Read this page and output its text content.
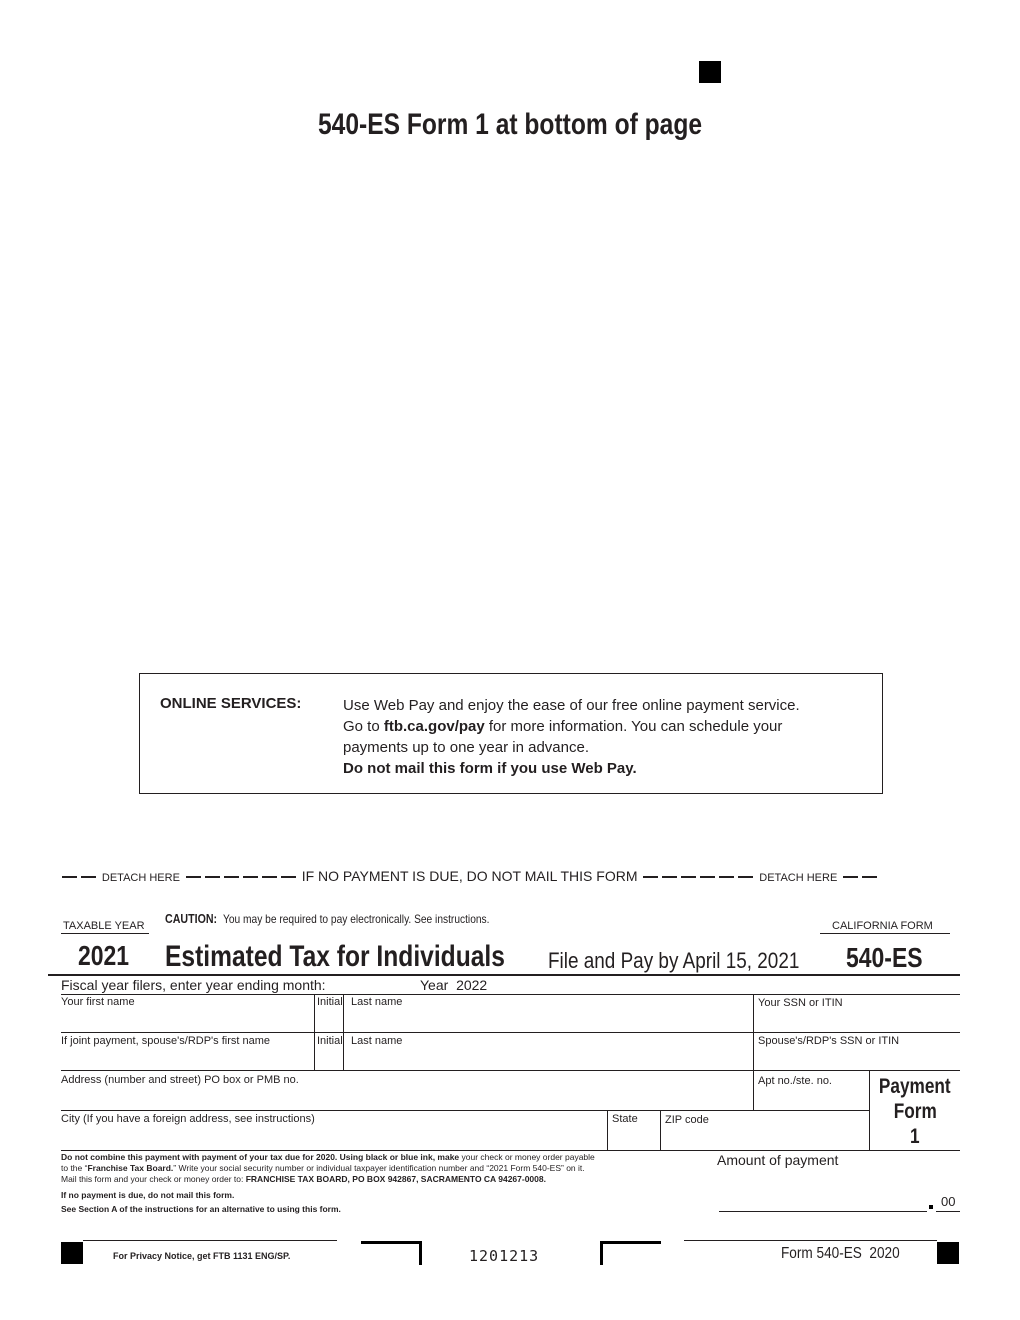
540-ES Form 1 at bottom of page
ONLINE SERVICES:	Use Web Pay and enjoy the ease of our free online payment service.
Go to ftb.ca.gov/pay for more information. You can schedule your
payments up to one year in advance.
Do not mail this form if you use Web Pay.
DETACH HERE	IF NO PAYMENT IS DUE, DO NOT MAIL THIS FORM	DETACH HERE
TAXABLE YEAR CAUTION:You may be required to pay electronically. See instructions.	CALIFORNIA FORM
2021 Estimated Tax for Individuals File and Pay by April 15, 2021 540-ES
Fiscal year filers, enter year ending month:	Year  2022
Your first name	Initial Last name	Your SSN or ITIN
If joint payment, spouse's/RDP's first name	Initial Last name	Spouse's/RDP's SSN or ITIN
Address (number and street) PO box or PMB no.	Apt no./ste. no.	Payment
Form
1
City (If you have a foreign address, see instructions)	State ZIP code
Do not combine this payment with payment of your tax due for 2020. Using black or blue ink, make your check or money order payable
to the “Franchise Tax Board.” Write your social security number or individual taxpayer identification number and “2021 Form 540-ES” on it.
Mail this form and your check or money order to: FRANCHISE TAX BOARD, PO BOX 942867, SACRAMENTO CA 94267-0008.
If no payment is due, do not mail this form.
See Section A of the instructions for an alternative to using this form.
Amount of payment
00
For Privacy Notice, get FTB 1131 ENG/SP.	1201213	Form 540-ES  2020
